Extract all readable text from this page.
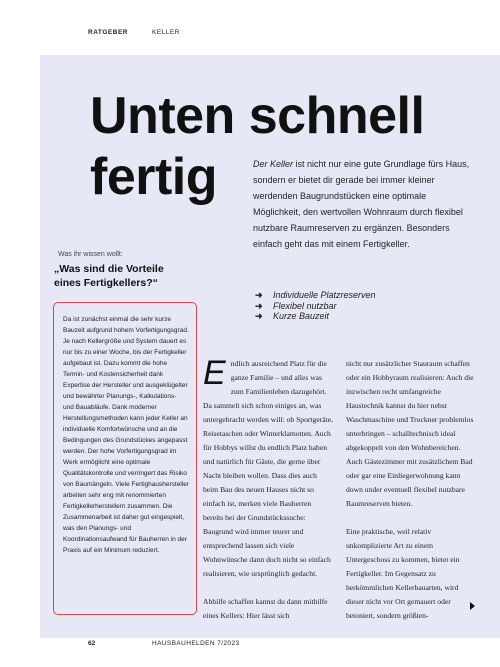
RATGEBER	KELLER
Unten schnell
fertig	Der Keller ist nicht nur eine gute Grundlage fürs Haus, sondern er bietet dir gerade bei immer kleiner werdenden Baugrundstücken eine optimale Möglichkeit, den wertvollen Wohnraum durch flexibel nutzbare Raumreserven zu ergänzen. Besonders einfach geht das mit einem Fertigkeller.

Was ihr wissen wollt:
„Was sind die Vorteile
eines Fertigkellers?“

Da ist zunächst einmal die sehr kurze Bauzeit aufgrund hohem Vorfertigungsgrad. Je nach Kellergröße und System dauert es nur bis zu einer Woche, bis der Fertigkeller aufgebaut ist. Dazu kommt die hohe Termin- und Kostensicherheit dank Expertise der Hersteller und ausgeklügelter und bewährter Planungs-, Kalkulations- und Bauabläufe. Dank moderner Herstellungsmethoden kann jeder Keller an individuelle Komfortwünsche und an die Bedingungen des Grundstückes angepasst werden. Der hohe Vorfertigungsgrad im Werk ermöglicht eine optimale Qualitätskontrolle und verringert das Risiko von Baumängeln. Viele Fertighaushersteller arbeiten sehr eng mit renommierten Fertigkellerherstellern zusammen. Die Zusammenarbeit ist daher gut eingespielt, was den Planungs- und Koordinationsaufwand für Bauherren in der Praxis auf ein Minimum reduziert.

➜ Individuelle Platzreserven
➜ Flexibel nutzbar
➜ Kurze Bauzeit

Endlich ausreichend Platz für die ganze Familie – und alles was zum Familienleben dazugehört. Da sammelt sich schon einiges an, was untergebracht werden will: ob Sportgeräte, Reisetaschen oder Winterklamotten. Auch für Hobbys willst du endlich Platz haben und natürlich für Gäste, die gerne über Nacht bleiben wollen. Dass dies auch beim Bau des neuen Hauses nicht so einfach ist, merken viele Bauherren bereits bei der Grundstückssuche: Baugrund wird immer teurer und entsprechend lassen sich viele Wohnwünsche dann doch nicht so einfach realisieren, wie ursprünglich gedacht.

Abhilfe schaffen kannst du dann mithilfe eines Kellers: Hier lässt sich

nicht nur zusätzlicher Stauraum schaffen oder ein Hobbyraum realisieren: Auch die inzwischen recht umfangreiche Haustechnik kannst du hier nebst Waschmaschine und Trockner problemlos unterbringen – schalltechnisch ideal abgekoppelt von den Wohnbereichen. Auch Gästezimmer mit zusätzlichem Bad oder gar eine Einliegerwohnung kann down under eventuell flexibel nutzbare Raumreserven bieten.

Eine praktische, weil relativ unkomplizierte Art zu einem Untergeschoss zu kommen, bietet ein Fertigkeller. Im Gegensatz zu herkömmlichen Kellerbauarten, wird dieser nicht vor Ort gemauert oder betoniert, sondern größten-

62	HAUSBAUHELDEN 7/2023
